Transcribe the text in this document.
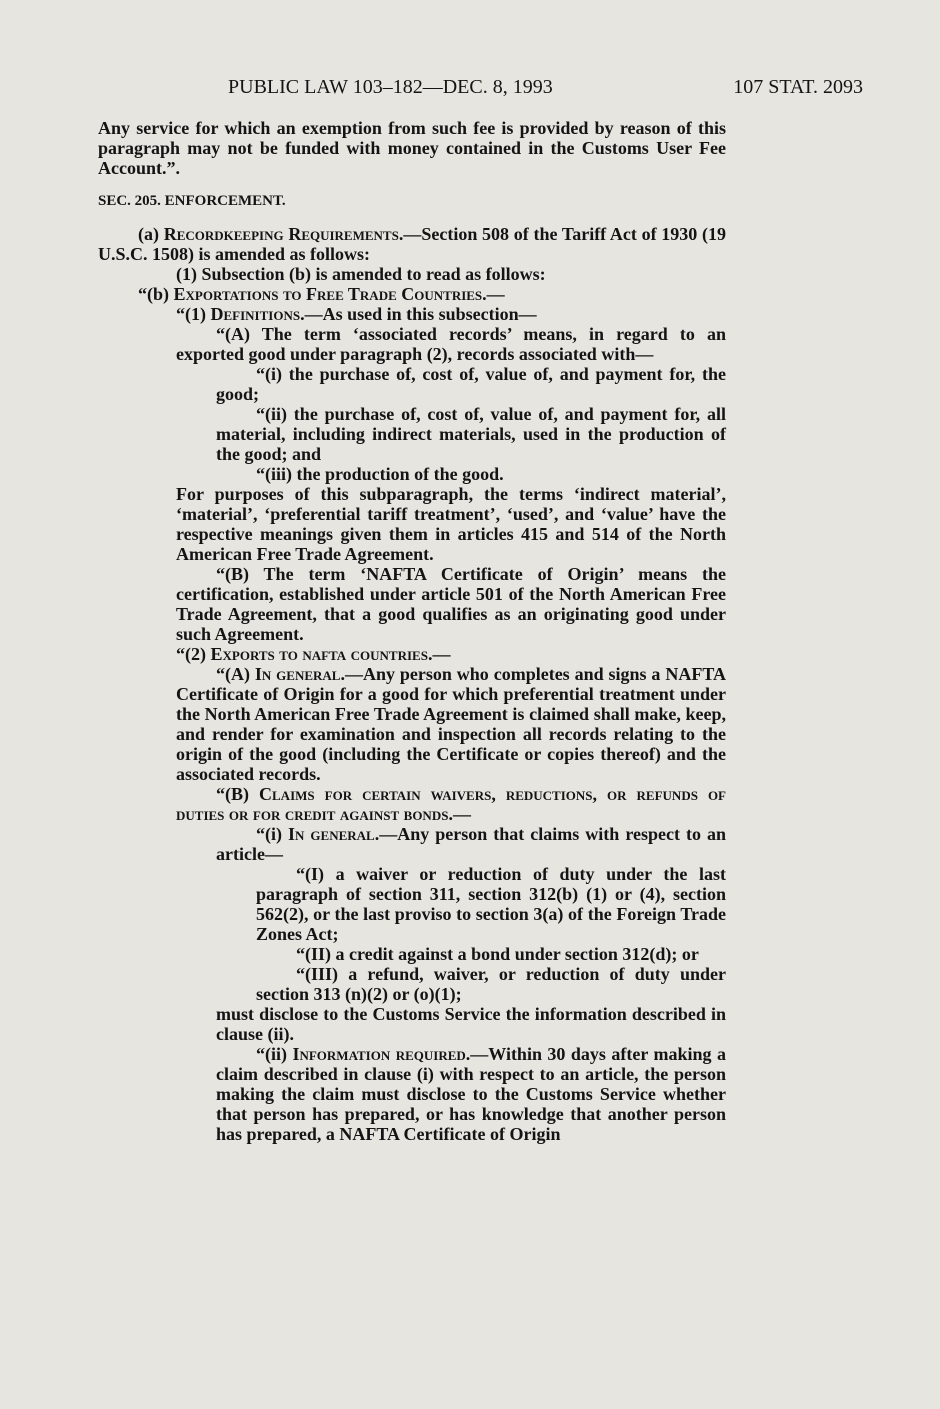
PUBLIC LAW 103–182—DEC. 8, 1993	107 STAT. 2093

Any service for which an exemption from such fee is provided by reason of this paragraph may not be funded with money contained in the Customs User Fee Account.”.

SEC. 205. ENFORCEMENT.

(a) Recordkeeping Requirements.—Section 508 of the Tariff Act of 1930 (19 U.S.C. 1508) is amended as follows:

(1) Subsection (b) is amended to read as follows:

“(b) Exportations to Free Trade Countries.—

“(1) Definitions.—As used in this subsection—

“(A) The term ‘associated records’ means, in regard to an exported good under paragraph (2), records associated with—

“(i) the purchase of, cost of, value of, and payment for, the good;

“(ii) the purchase of, cost of, value of, and payment for, all material, including indirect materials, used in the production of the good; and

“(iii) the production of the good.

For purposes of this subparagraph, the terms ‘indirect material’, ‘material’, ‘preferential tariff treatment’, ‘used’, and ‘value’ have the respective meanings given them in articles 415 and 514 of the North American Free Trade Agreement.

“(B) The term ‘NAFTA Certificate of Origin’ means the certification, established under article 501 of the North American Free Trade Agreement, that a good qualifies as an originating good under such Agreement.

“(2) Exports to nafta countries.—

“(A) In general.—Any person who completes and signs a NAFTA Certificate of Origin for a good for which preferential treatment under the North American Free Trade Agreement is claimed shall make, keep, and render for examination and inspection all records relating to the origin of the good (including the Certificate or copies thereof) and the associated records.

“(B) Claims for certain waivers, reductions, or refunds of duties or for credit against bonds.—

“(i) In general.—Any person that claims with respect to an article—

“(I) a waiver or reduction of duty under the last paragraph of section 311, section 312(b) (1) or (4), section 562(2), or the last proviso to section 3(a) of the Foreign Trade Zones Act;

“(II) a credit against a bond under section 312(d); or

“(III) a refund, waiver, or reduction of duty under section 313 (n)(2) or (o)(1);

must disclose to the Customs Service the information described in clause (ii).

“(ii) Information required.—Within 30 days after making a claim described in clause (i) with respect to an article, the person making the claim must disclose to the Customs Service whether that person has prepared, or has knowledge that another person has prepared, a NAFTA Certificate of Origin
